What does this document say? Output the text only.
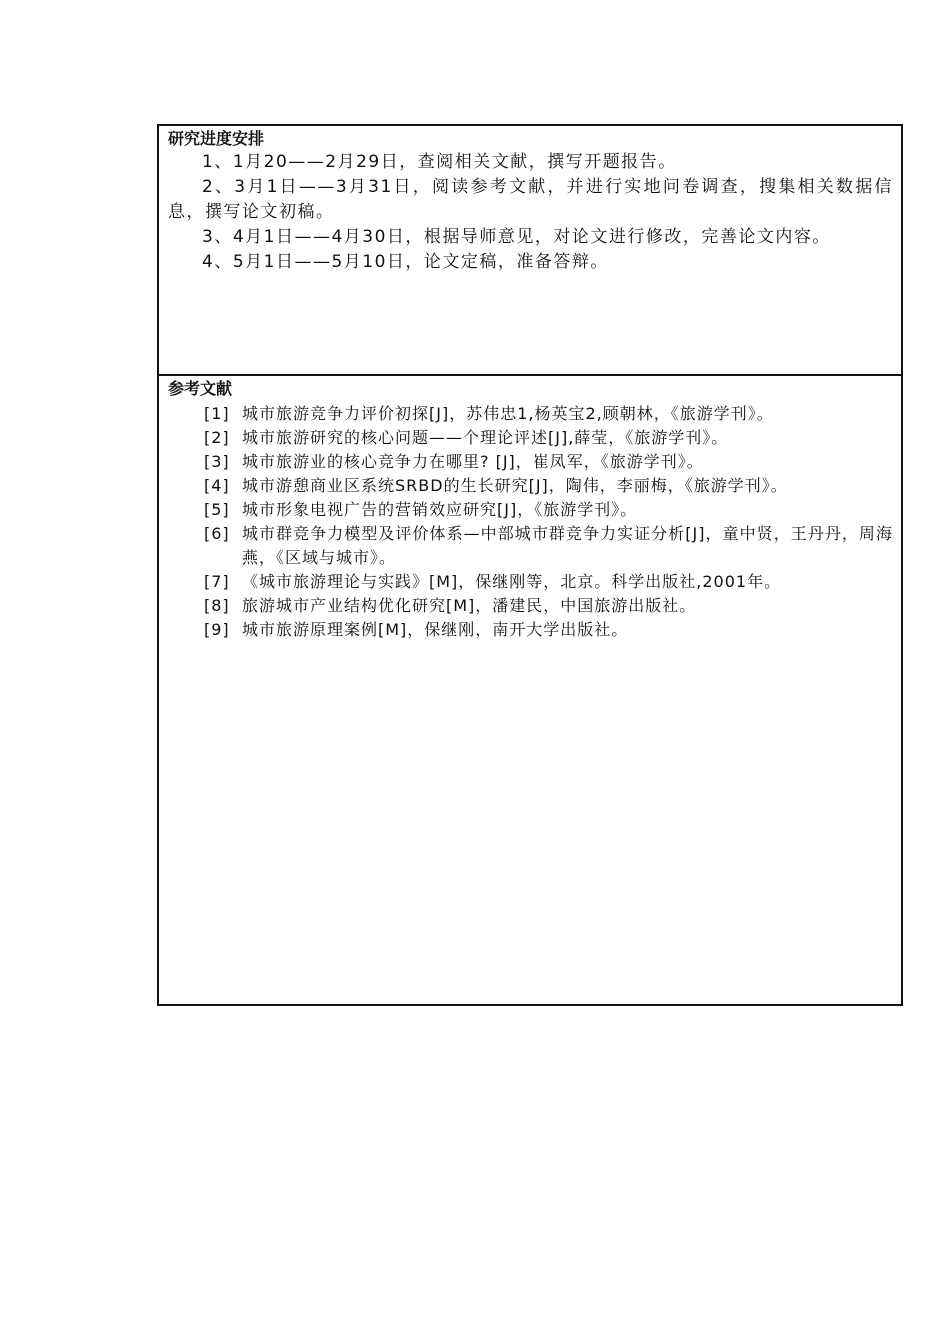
研究进度安排

1、1月20——2月29日，查阅相关文献，撰写开题报告。

2、3月1日——3月31日，阅读参考文献，并进行实地问卷调查，搜集相关数据信息，撰写论文初稿。

3、4月1日——4月30日，根据导师意见，对论文进行修改，完善论文内容。

4、5月1日——5月10日，论文定稿，准备答辩。

参考文献
[1] 城市旅游竞争力评价初探[J]，苏伟忠1,杨英宝2,顾朝林，《旅游学刊》。
[2] 城市旅游研究的核心问题——个理论评述[J],薛莹，《旅游学刊》。
[3] 城市旅游业的核心竞争力在哪里? [J]，崔凤军，《旅游学刊》。
[4] 城市游憩商业区系统SRBD的生长研究[J]，陶伟，李丽梅，《旅游学刊》。
[5] 城市形象电视广告的营销效应研究[J]，《旅游学刊》。
[6] 城市群竞争力模型及评价体系—中部城市群竞争力实证分析[J]，童中贤，王丹丹，周海燕，《区域与城市》。
[7] 《城市旅游理论与实践》[M]，保继刚等，北京。科学出版社,2001年。
[8] 旅游城市产业结构优化研究[M]，潘建民，中国旅游出版社。
[9] 城市旅游原理案例[M]，保继刚，南开大学出版社。
